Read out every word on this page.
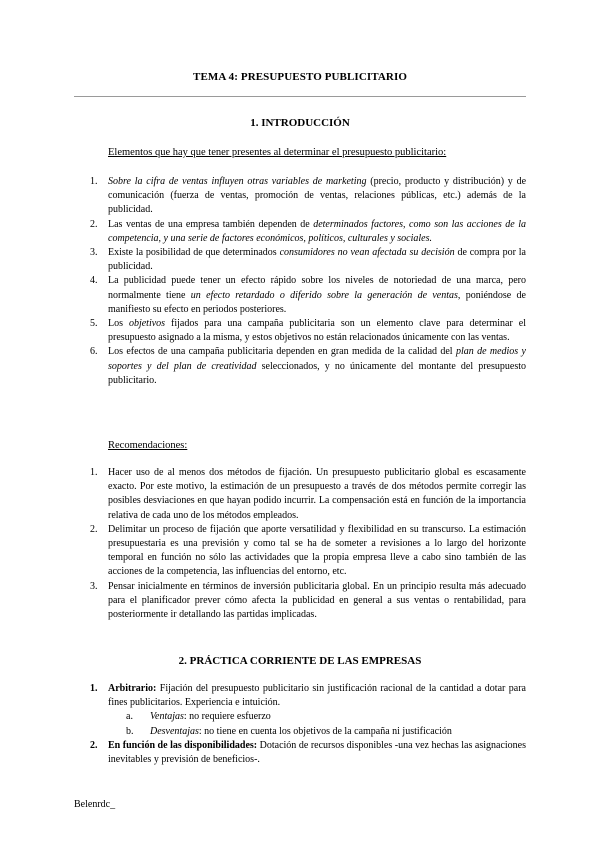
TEMA 4: PRESUPUESTO PUBLICITARIO
1. INTRODUCCIÓN
Elementos que hay que tener presentes al determinar el presupuesto publicitario:
1. Sobre la cifra de ventas influyen otras variables de marketing (precio, producto y distribución) y de comunicación (fuerza de ventas, promoción de ventas, relaciones públicas, etc.) además de la publicidad.
2. Las ventas de una empresa también dependen de determinados factores, como son las acciones de la competencia, y una serie de factores económicos, políticos, culturales y sociales.
3. Existe la posibilidad de que determinados consumidores no vean afectada su decisión de compra por la publicidad.
4. La publicidad puede tener un efecto rápido sobre los niveles de notoriedad de una marca, pero normalmente tiene un efecto retardado o diferido sobre la generación de ventas, poniéndose de manifiesto su efecto en periodos posteriores.
5. Los objetivos fijados para una campaña publicitaria son un elemento clave para determinar el presupuesto asignado a la misma, y estos objetivos no están relacionados únicamente con las ventas.
6. Los efectos de una campaña publicitaria dependen en gran medida de la calidad del plan de medios y soportes y del plan de creatividad seleccionados, y no únicamente del montante del presupuesto publicitario.
Recomendaciones:
1. Hacer uso de al menos dos métodos de fijación. Un presupuesto publicitario global es escasamente exacto. Por este motivo, la estimación de un presupuesto a través de dos métodos permite corregir las posibles desviaciones en que hayan podido incurrir. La compensación está en función de la importancia relativa de cada uno de los métodos empleados.
2. Delimitar un proceso de fijación que aporte versatilidad y flexibilidad en su transcurso. La estimación presupuestaria es una previsión y como tal se ha de someter a revisiones a lo largo del horizonte temporal en función no sólo las actividades que la propia empresa lleve a cabo sino también de las acciones de la competencia, las influencias del entorno, etc.
3. Pensar inicialmente en términos de inversión publicitaria global. En un principio resulta más adecuado para el planificador prever cómo afecta la publicidad en general a sus ventas o rentabilidad, para posteriormente ir detallando las partidas implicadas.
2. PRÁCTICA CORRIENTE DE LAS EMPRESAS
1. Arbitrario: Fijación del presupuesto publicitario sin justificación racional de la cantidad a dotar para fines publicitarios. Experiencia e intuición.
a. Ventajas: no requiere esfuerzo
b. Desventajas: no tiene en cuenta los objetivos de la campaña ni justificación
2. En función de las disponibilidades: Dotación de recursos disponibles -una vez hechas las asignaciones inevitables y previsión de beneficios-.
Belenrdc_
